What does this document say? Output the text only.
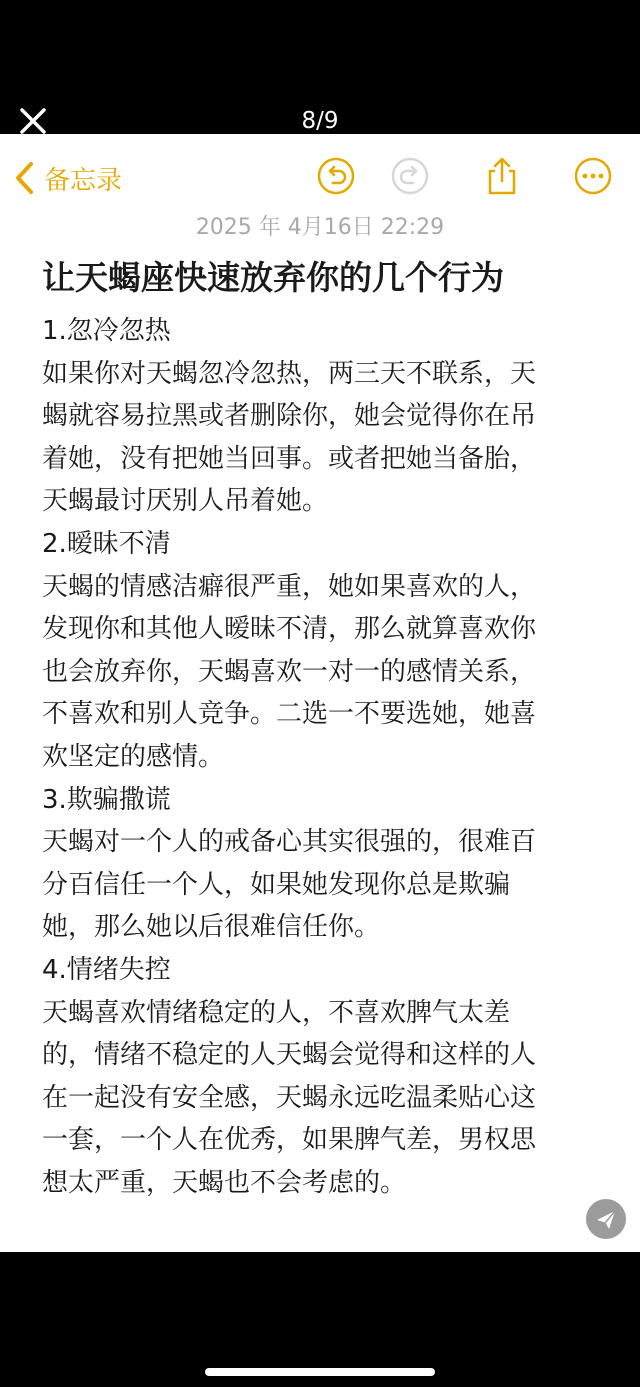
8/9
备忘录
2025 年 4月16日 22:29
让天蝎座快速放弃你的几个行为

1.忽冷忽热

如果你对天蝎忽冷忽热，两三天不联系，天

蝎就容易拉黑或者删除你，她会觉得你在吊

着她，没有把她当回事。或者把她当备胎，

天蝎最讨厌别人吊着她。

2.暧昧不清

天蝎的情感洁癖很严重，她如果喜欢的人，

发现你和其他人暧昧不清，那么就算喜欢你

也会放弃你，天蝎喜欢一对一的感情关系，

不喜欢和别人竞争。二选一不要选她，她喜

欢坚定的感情。

3.欺骗撒谎

天蝎对一个人的戒备心其实很强的，很难百

分百信任一个人，如果她发现你总是欺骗

她，那么她以后很难信任你。

4.情绪失控

天蝎喜欢情绪稳定的人，不喜欢脾气太差

的，情绪不稳定的人天蝎会觉得和这样的人

在一起没有安全感，天蝎永远吃温柔贴心这

一套，一个人在优秀，如果脾气差，男权思

想太严重，天蝎也不会考虑的。
